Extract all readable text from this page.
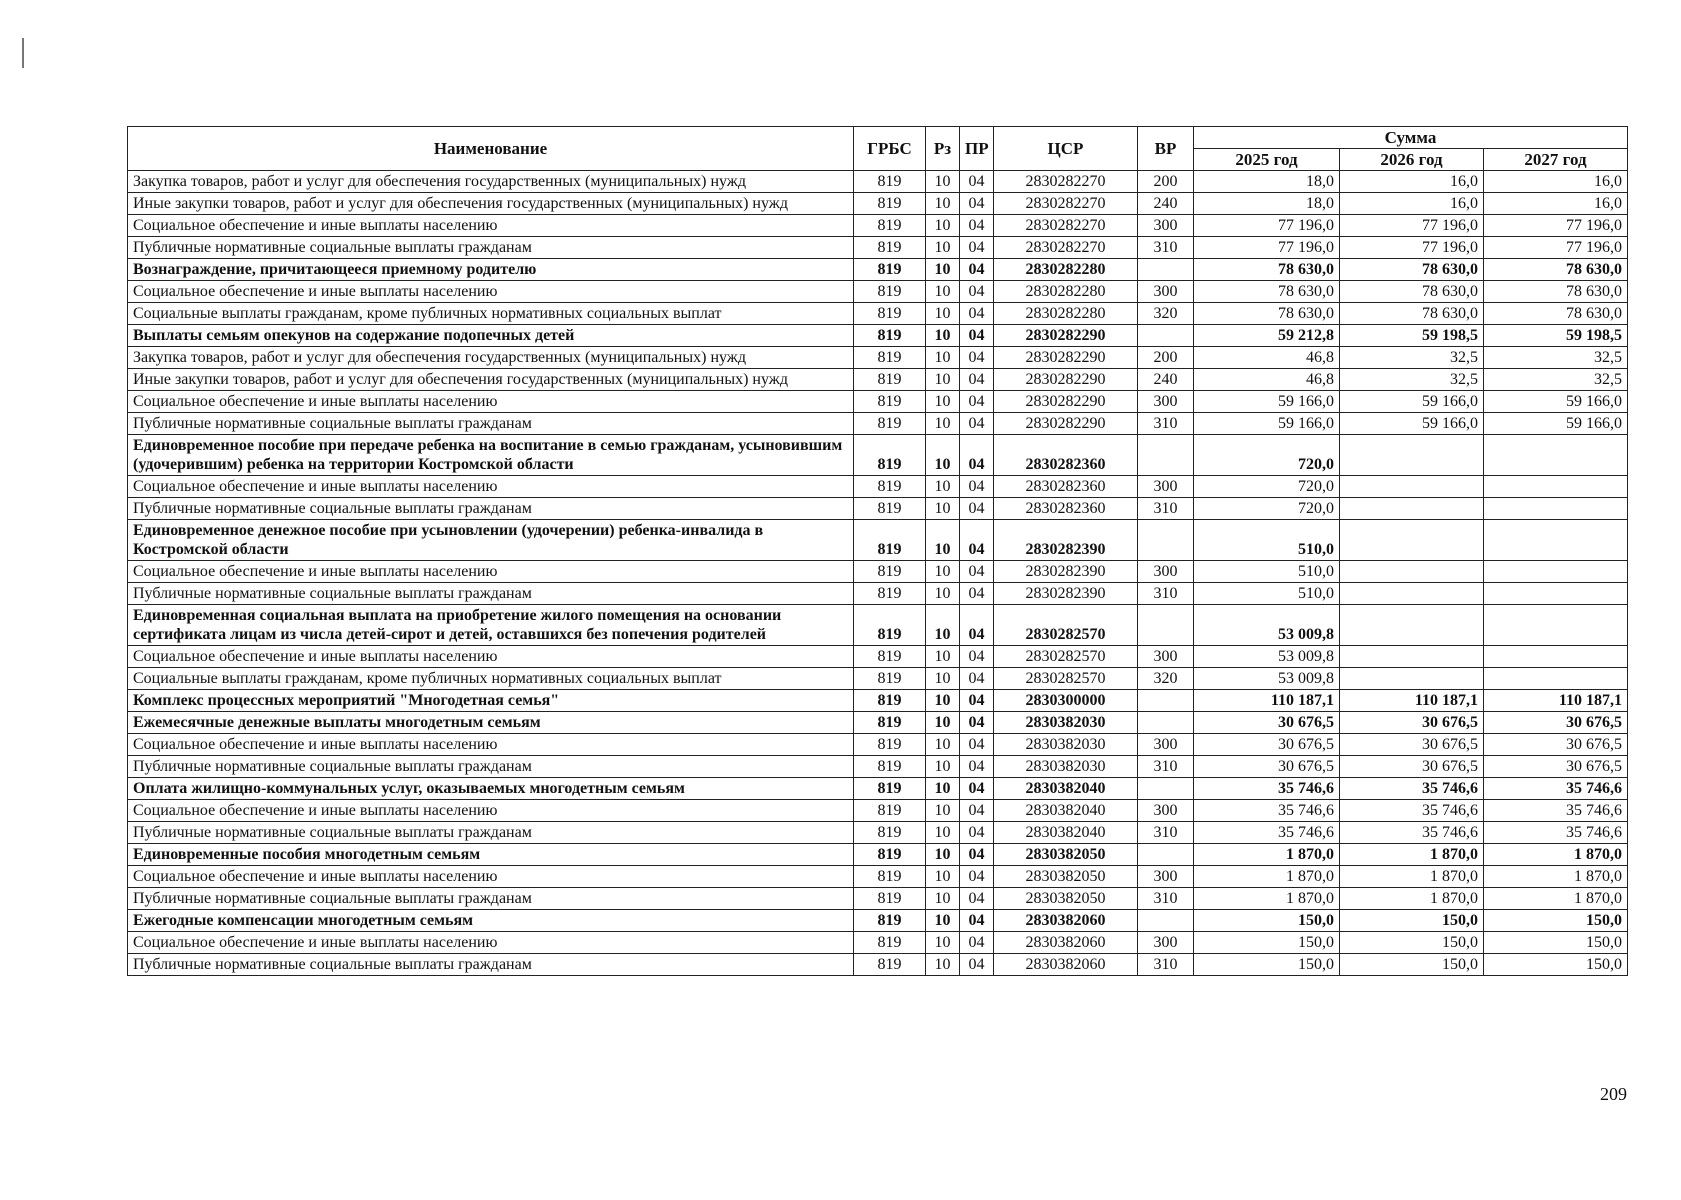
Наименование	ГРБС	Рз	ПР	ЦСР	ВР	Сумма		
						2025 год	2026 год	2027 год
Закупка товаров, работ и услуг для обеспечения государственных (муниципальных) нужд	819	10	04	2830282270	200	18,0	16,0	16,0
Иные закупки товаров, работ и услуг для обеспечения государственных (муниципальных) нужд	819	10	04	2830282270	240	18,0	16,0	16,0
Социальное обеспечение и иные выплаты населению	819	10	04	2830282270	300	77 196,0	77 196,0	77 196,0
Публичные нормативные социальные выплаты гражданам	819	10	04	2830282270	310	77 196,0	77 196,0	77 196,0
Вознаграждение, причитающееся приемному родителю	819	10	04	2830282280		78 630,0	78 630,0	78 630,0
Социальное обеспечение и иные выплаты населению	819	10	04	2830282280	300	78 630,0	78 630,0	78 630,0
Социальные выплаты гражданам, кроме публичных нормативных социальных выплат	819	10	04	2830282280	320	78 630,0	78 630,0	78 630,0
Выплаты семьям опекунов на содержание подопечных детей	819	10	04	2830282290		59 212,8	59 198,5	59 198,5
Закупка товаров, работ и услуг для обеспечения государственных (муниципальных) нужд	819	10	04	2830282290	200	46,8	32,5	32,5
Иные закупки товаров, работ и услуг для обеспечения государственных (муниципальных) нужд	819	10	04	2830282290	240	46,8	32,5	32,5
Социальное обеспечение и иные выплаты населению	819	10	04	2830282290	300	59 166,0	59 166,0	59 166,0
Публичные нормативные социальные выплаты гражданам	819	10	04	2830282290	310	59 166,0	59 166,0	59 166,0
Единовременное пособие при передаче ребенка на воспитание в семью гражданам, усыновившим (удочерившим) ребенка на территории Костромской области	819	10	04	2830282360		720,0		
Социальное обеспечение и иные выплаты населению	819	10	04	2830282360	300	720,0		
Публичные нормативные социальные выплаты гражданам	819	10	04	2830282360	310	720,0		
Единовременное денежное пособие при усыновлении (удочерении) ребенка-инвалида в Костромской области	819	10	04	2830282390		510,0		
Социальное обеспечение и иные выплаты населению	819	10	04	2830282390	300	510,0		
Публичные нормативные социальные выплаты гражданам	819	10	04	2830282390	310	510,0		
Единовременная социальная выплата на приобретение жилого помещения на основании сертификата лицам из числа детей-сирот и детей, оставшихся без попечения родителей	819	10	04	2830282570		53 009,8		
Социальное обеспечение и иные выплаты населению	819	10	04	2830282570	300	53 009,8		
Социальные выплаты гражданам, кроме публичных нормативных социальных выплат	819	10	04	2830282570	320	53 009,8		
Комплекс процессных мероприятий "Многодетная семья"	819	10	04	2830300000		110 187,1	110 187,1	110 187,1
Ежемесячные денежные выплаты многодетным семьям	819	10	04	2830382030		30 676,5	30 676,5	30 676,5
Социальное обеспечение и иные выплаты населению	819	10	04	2830382030	300	30 676,5	30 676,5	30 676,5
Публичные нормативные социальные выплаты гражданам	819	10	04	2830382030	310	30 676,5	30 676,5	30 676,5
Оплата жилищно-коммунальных услуг, оказываемых многодетным семьям	819	10	04	2830382040		35 746,6	35 746,6	35 746,6
Социальное обеспечение и иные выплаты населению	819	10	04	2830382040	300	35 746,6	35 746,6	35 746,6
Публичные нормативные социальные выплаты гражданам	819	10	04	2830382040	310	35 746,6	35 746,6	35 746,6
Единовременные пособия многодетным семьям	819	10	04	2830382050		1 870,0	1 870,0	1 870,0
Социальное обеспечение и иные выплаты населению	819	10	04	2830382050	300	1 870,0	1 870,0	1 870,0
Публичные нормативные социальные выплаты гражданам	819	10	04	2830382050	310	1 870,0	1 870,0	1 870,0
Ежегодные компенсации многодетным семьям	819	10	04	2830382060		150,0	150,0	150,0
Социальное обеспечение и иные выплаты населению	819	10	04	2830382060	300	150,0	150,0	150,0
Публичные нормативные социальные выплаты гражданам	819	10	04	2830382060	310	150,0	150,0	150,0
209
